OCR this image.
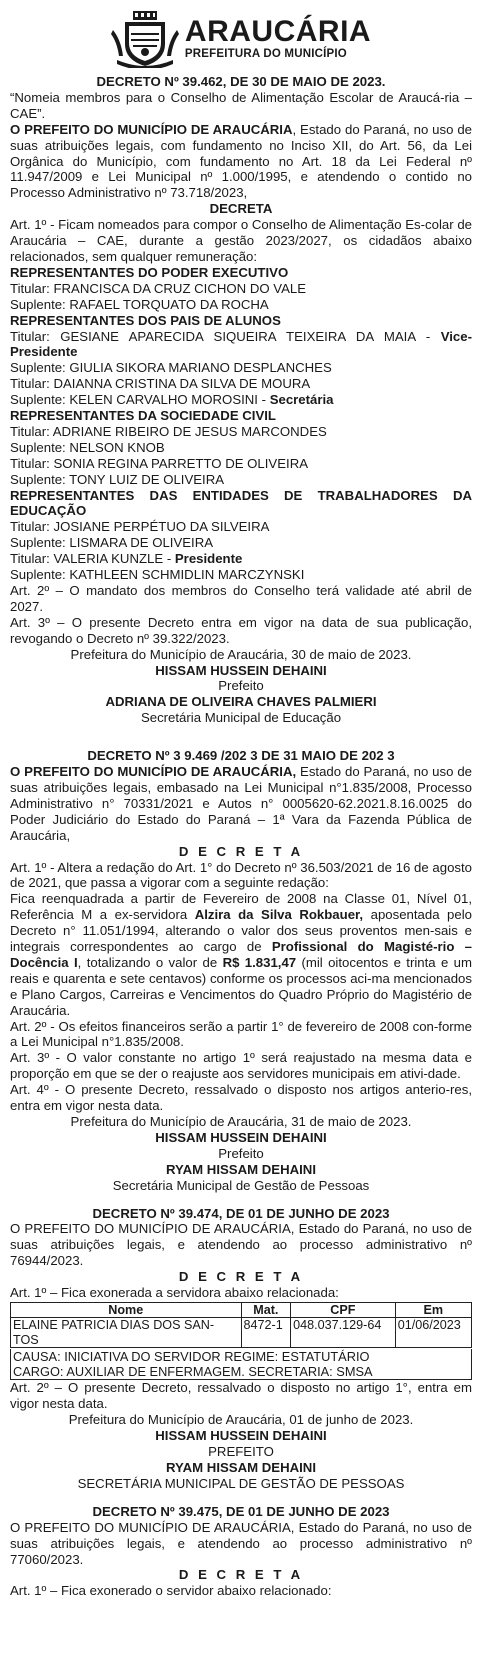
ARAUCÁRIA
PREFEITURA DO MUNICÍPIO
DECRETO Nº 39.462, DE 30 DE MAIO DE 2023.
“Nomeia membros para o Conselho de Alimentação Escolar de Araucá-ria – CAE”.
O PREFEITO DO MUNICÍPIO DE ARAUCÁRIA, Estado do Paraná, no uso de suas atribuições legais, com fundamento no Inciso XII, do Art. 56, da Lei Orgânica do Município, com fundamento no Art. 18 da Lei Federal nº 11.947/2009 e Lei Municipal nº 1.000/1995, e atendendo o contido no Processo Administrativo nº 73.718/2023,
DECRETA
Art. 1º - Ficam nomeados para compor o Conselho de Alimentação Es-colar de Araucária – CAE, durante a gestão 2023/2027, os cidadãos abaixo relacionados, sem qualquer remuneração:
REPRESENTANTES DO PODER EXECUTIVO
Titular: FRANCISCA DA CRUZ CICHON DO VALE
Suplente: RAFAEL TORQUATO DA ROCHA
REPRESENTANTES DOS PAIS DE ALUNOS
Titular: GESIANE APARECIDA SIQUEIRA TEIXEIRA DA MAIA - Vice-Presidente
Suplente: GIULIA SIKORA MARIANO DESPLANCHES
Titular: DAIANNA CRISTINA DA SILVA DE MOURA
Suplente: KELEN CARVALHO MOROSINI - Secretária
REPRESENTANTES DA SOCIEDADE CIVIL
Titular: ADRIANE RIBEIRO DE JESUS MARCONDES
Suplente: NELSON KNOB
Titular: SONIA REGINA PARRETTO DE OLIVEIRA
Suplente: TONY LUIZ DE OLIVEIRA
REPRESENTANTES DAS ENTIDADES DE TRABALHADORES DA EDUCAÇÃO
Titular: JOSIANE PERPÉTUO DA SILVEIRA
Suplente: LISMARA DE OLIVEIRA
Titular: VALERIA KUNZLE - Presidente
Suplente: KATHLEEN SCHMIDLIN MARCZYNSKI
Art. 2º – O mandato dos membros do Conselho terá validade até abril de 2027.
Art. 3º – O presente Decreto entra em vigor na data de sua publicação, revogando o Decreto nº 39.322/2023.
Prefeitura do Município de Araucária, 30 de maio de 2023.
HISSAM HUSSEIN DEHAINI
Prefeito
ADRIANA DE OLIVEIRA CHAVES PALMIERI
Secretária Municipal de Educação
DECRETO Nº 3 9.469 /202 3 DE 31 MAIO DE 202 3
O PREFEITO DO MUNICÍPIO DE ARAUCÁRIA, Estado do Paraná, no uso de suas atribuições legais, embasado na Lei Municipal n°1.835/2008, Processo Administrativo n° 70331/2021 e Autos n° 0005620-62.2021.8.16.0025 do Poder Judiciário do Estado do Paraná – 1ª Vara da Fazenda Pública de Araucária,
D E C R E T A
Art. 1º - Altera a redação do Art. 1° do Decreto nº 36.503/2021 de 16 de agosto de 2021, que passa a vigorar com a seguinte redação:
Fica reenquadrada a partir de Fevereiro de 2008 na Classe 01, Nível 01, Referência M a ex-servidora Alzira da Silva Rokbauer, aposentada pelo Decreto n° 11.051/1994, alterando o valor dos seus proventos men-sais e integrais correspondentes ao cargo de Profissional do Magisté-rio – Docência I, totalizando o valor de R$ 1.831,47 (mil oitocentos e trinta e um reais e quarenta e sete centavos) conforme os processos aci-ma mencionados e Plano Cargos, Carreiras e Vencimentos do Quadro Próprio do Magistério de Araucária.
Art. 2º - Os efeitos financeiros serão a partir 1° de fevereiro de 2008 con-forme a Lei Municipal n°1.835/2008.
Art. 3º - O valor constante no artigo 1º será reajustado na mesma data e proporção em que se der o reajuste aos servidores municipais em ativi-dade.
Art. 4º - O presente Decreto, ressalvado o disposto nos artigos anterio-res, entra em vigor nesta data.
Prefeitura do Município de Araucária, 31 de maio de 2023.
HISSAM HUSSEIN DEHAINI
Prefeito
RYAM HISSAM DEHAINI
Secretária Municipal de Gestão de Pessoas
DECRETO Nº 39.474, DE 01 DE JUNHO DE 2023
O PREFEITO DO MUNICÍPIO DE ARAUCÁRIA, Estado do Paraná, no uso de suas atribuições legais, e atendendo ao processo administrativo nº 76944/2023.
D E C R E T A
Art. 1º – Fica exonerada a servidora abaixo relacionada:
Nome	Mat.	CPF	Em
ELAINE PATRICIA DIAS DOS SAN-TOS	8472-1	048.037.129-64	01/06/2023
CAUSA: INICIATIVA DO SERVIDOR REGIME: ESTATUTÁRIO
CARGO: AUXILIAR DE ENFERMAGEM. SECRETARIA: SMSA
Art. 2º – O presente Decreto, ressalvado o disposto no artigo 1°, entra em vigor nesta data.
Prefeitura do Município de Araucária, 01 de junho de 2023.
HISSAM HUSSEIN DEHAINI
PREFEITO
RYAM HISSAM DEHAINI
SECRETÁRIA MUNICIPAL DE GESTÃO DE PESSOAS
DECRETO Nº 39.475, DE 01 DE JUNHO DE 2023
O PREFEITO DO MUNICÍPIO DE ARAUCÁRIA, Estado do Paraná, no uso de suas atribuições legais, e atendendo ao processo administrativo nº 77060/2023.
D E C R E T A
Art. 1º – Fica exonerado o servidor abaixo relacionado:
